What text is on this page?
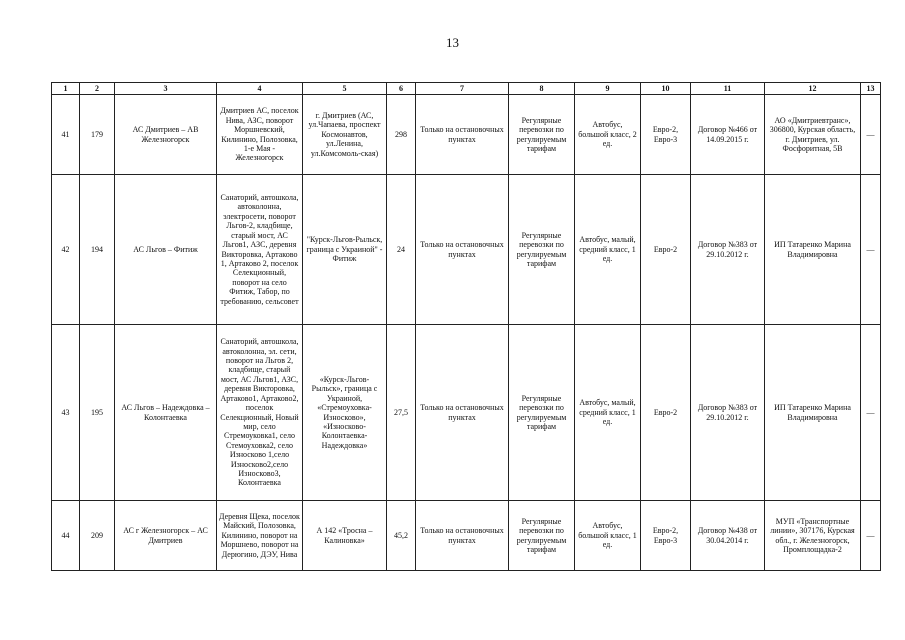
13
1	2	3	4	5	6	7	8	9	10	11	12	13
41	179	АС Дмитриев – АВ Железногорск	Дмитриев АС, поселок Нива, АЗС, поворот Моршневский, Килинино, Полозовка, 1-е Мая - Железногорск	г. Дмитриев (АС, ул.Чапаева, проспект Космонавтов, ул.Ленина, ул.Комсомоль-ская)	298	Только на остановочных пунктах	Регулярные перевозки по регулируемым тарифам	Автобус, большой класс, 2 ед.	Евро-2, Евро-3	Договор №466 от 14.09.2015 г.	АО «Дмитриевтранс», 306800, Курская область, г. Дмитриев, ул. Фосфоритная, 5В	—
42	194	АС Льгов – Фитиж	Санаторий, автошкола, автоколонна, электросети, поворот Льгов-2, кладбище, старый мост, АС Льгов1, АЗС, деревня Викторовка, Артаково 1, Артаково 2, поселок Селекционный, поворот на село Фитиж, Табор, по требованию, сельсовет	"Курск-Льгов-Рыльск, граница с Украиной" - Фитиж	24	Только на остановочных пунктах	Регулярные перевозки по регулируемым тарифам	Автобус, малый, средний класс, 1 ед.	Евро-2	Договор №383 от 29.10.2012 г.	ИП Татаренко Марина Владимировна	—
43	195	АС Льгов – Надеждовка – Колонтаевка	Санаторий, автошкола, автоколонна, эл. сети, поворот на Льгов 2, кладбище, старый мост, АС Льгов1, АЗС, деревня Викторовка, Артаково1, Артаково2, поселок Селекционный, Новый мир, село Стремоуковка1, село Стемоуховка2, село Износково 1,село Износково2,село Износково3, Колонтаевка	«Курск-Льгов-Рыльск», граница с Украиной, «Стремоуховка-Износково», «Износково-Колонтаевка-Надеждовка»	27,5	Только на остановочных пунктах	Регулярные перевозки по регулируемым тарифам	Автобус, малый, средний класс, 1 ед.	Евро-2	Договор №383 от 29.10.2012 г.	ИП Татаренко Марина Владимировна	—
44	209	АС г Железногорск – АС Дмитриев	Деревня Щека, поселок Майский, Полозовка, Килинино, поворот на Моршнево, поворот на Дерюгино, ДЭУ, Нива	А 142 «Тросна – Калиновка»	45,2	Только на остановочных пунктах	Регулярные перевозки по регулируемым тарифам	Автобус, большой класс, 1 ед.	Евро-2, Евро-3	Договор №438 от 30.04.2014 г.	МУП «Транспортные линии», 307176, Курская обл., г. Железногорск, Промплощадка-2	—
